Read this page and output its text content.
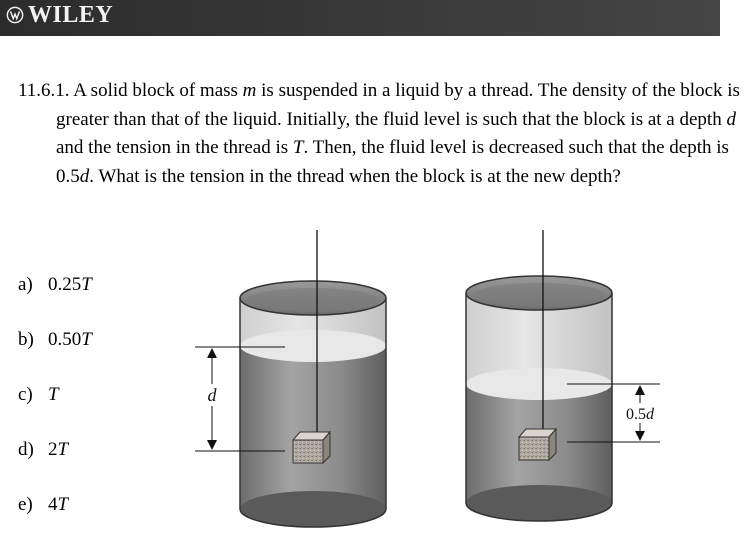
WILEY
11.6.1. A solid block of mass m is suspended in a liquid by a thread. The density of the block is greater than that of the liquid. Initially, the fluid level is such that the block is at a depth d and the tension in the thread is T. Then, the fluid level is decreased such that the depth is 0.5d. What is the tension in the thread when the block is at the new depth?
a) 0.25T
b) 0.50T
c) T
d) 2T
e) 4T
d
0.5d
